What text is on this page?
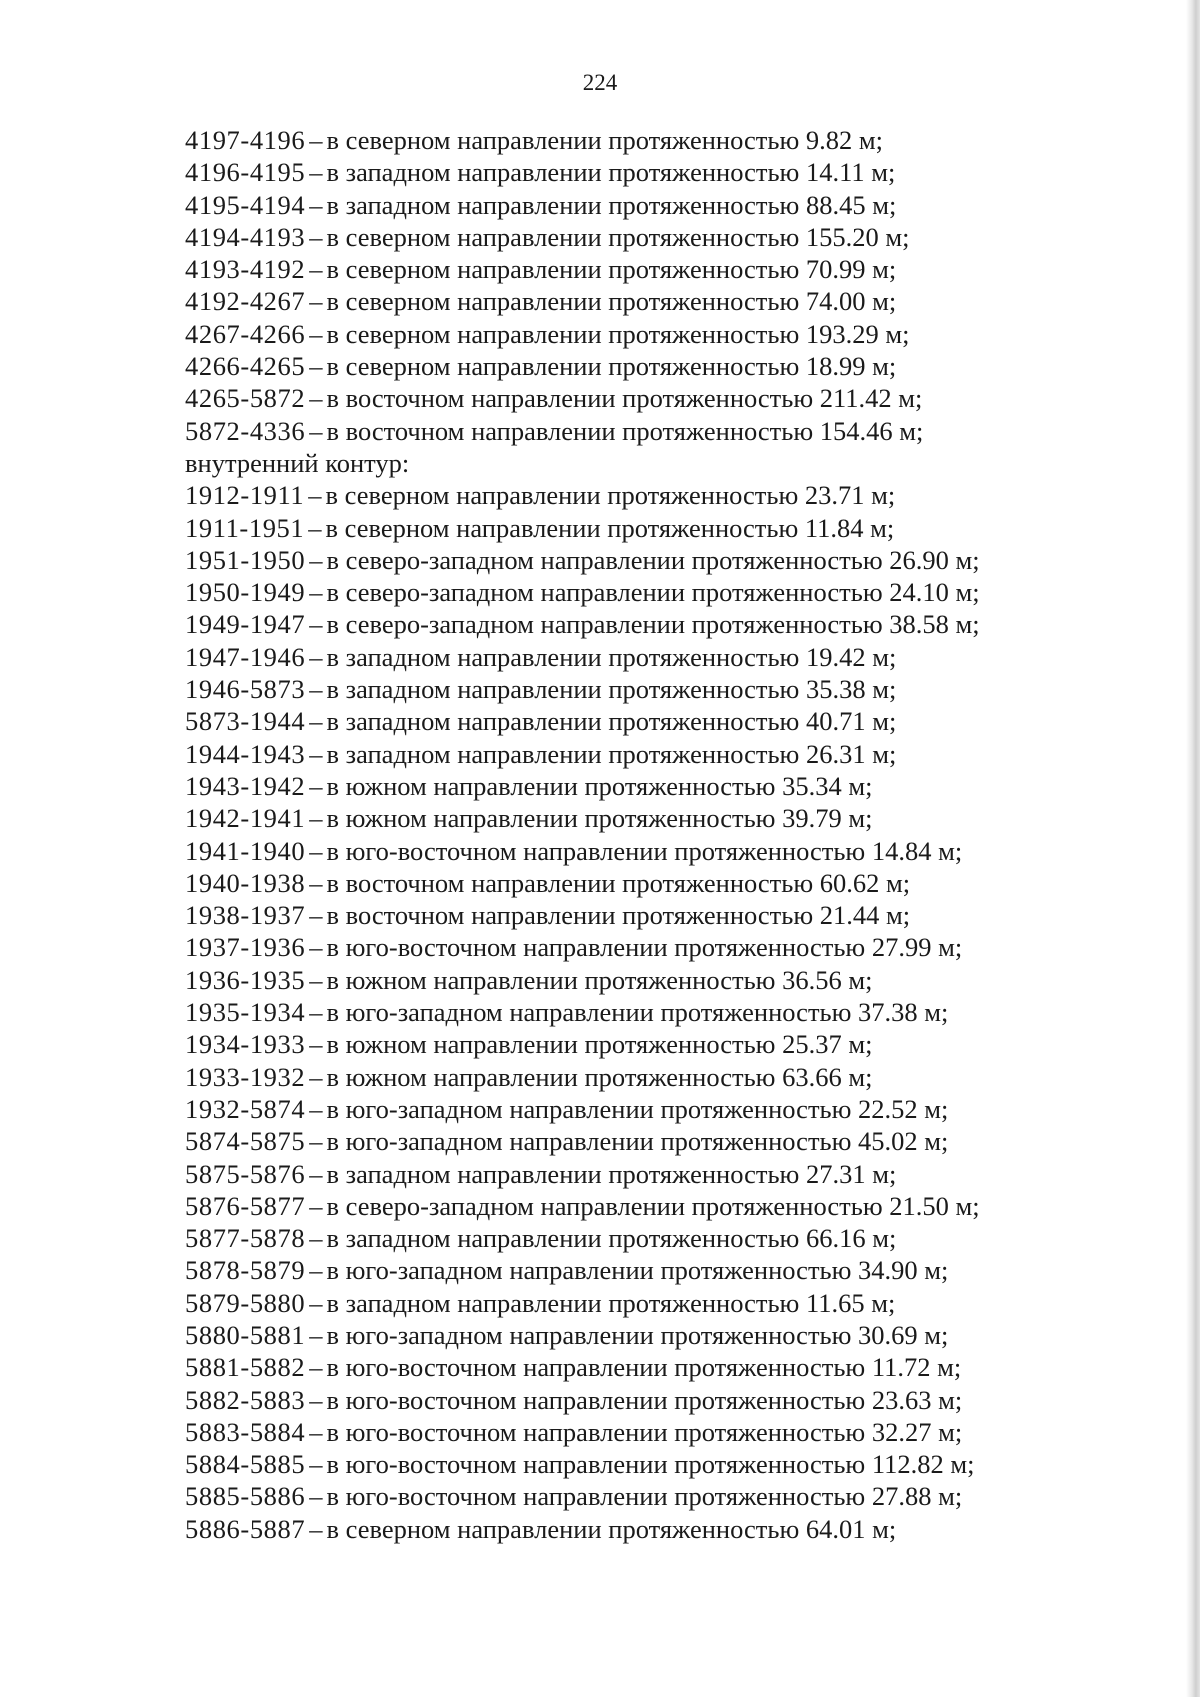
224
4197-4196 – в северном направлении протяженностью 9.82 м;
4196-4195 – в западном направлении протяженностью 14.11 м;
4195-4194 – в западном направлении протяженностью 88.45 м;
4194-4193 – в северном направлении протяженностью 155.20 м;
4193-4192 – в северном направлении протяженностью 70.99 м;
4192-4267 – в северном направлении протяженностью 74.00 м;
4267-4266 – в северном направлении протяженностью 193.29 м;
4266-4265 – в северном направлении протяженностью 18.99 м;
4265-5872 – в восточном направлении протяженностью 211.42 м;
5872-4336 – в восточном направлении протяженностью 154.46 м;
внутренний контур:
1912-1911 – в северном направлении протяженностью 23.71 м;
1911-1951 – в северном направлении протяженностью 11.84 м;
1951-1950 – в северо-западном направлении протяженностью 26.90 м;
1950-1949 – в северо-западном направлении протяженностью 24.10 м;
1949-1947 – в северо-западном направлении протяженностью 38.58 м;
1947-1946 – в западном направлении протяженностью 19.42 м;
1946-5873 – в западном направлении протяженностью 35.38 м;
5873-1944 – в западном направлении протяженностью 40.71 м;
1944-1943 – в западном направлении протяженностью 26.31 м;
1943-1942 – в южном направлении протяженностью 35.34 м;
1942-1941 – в южном направлении протяженностью 39.79 м;
1941-1940 – в юго-восточном направлении протяженностью 14.84 м;
1940-1938 – в восточном направлении протяженностью 60.62 м;
1938-1937 – в восточном направлении протяженностью 21.44 м;
1937-1936 – в юго-восточном направлении протяженностью 27.99 м;
1936-1935 – в южном направлении протяженностью 36.56 м;
1935-1934 – в юго-западном направлении протяженностью 37.38 м;
1934-1933 – в южном направлении протяженностью 25.37 м;
1933-1932 – в южном направлении протяженностью 63.66 м;
1932-5874 – в юго-западном направлении протяженностью 22.52 м;
5874-5875 – в юго-западном направлении протяженностью 45.02 м;
5875-5876 – в западном направлении протяженностью 27.31 м;
5876-5877 – в северо-западном направлении протяженностью 21.50 м;
5877-5878 – в западном направлении протяженностью 66.16 м;
5878-5879 – в юго-западном направлении протяженностью 34.90 м;
5879-5880 – в западном направлении протяженностью 11.65 м;
5880-5881 – в юго-западном направлении протяженностью 30.69 м;
5881-5882 – в юго-восточном направлении протяженностью 11.72 м;
5882-5883 – в юго-восточном направлении протяженностью 23.63 м;
5883-5884 – в юго-восточном направлении протяженностью 32.27 м;
5884-5885 – в юго-восточном направлении протяженностью 112.82 м;
5885-5886 – в юго-восточном направлении протяженностью 27.88 м;
5886-5887 – в северном направлении протяженностью 64.01 м;
